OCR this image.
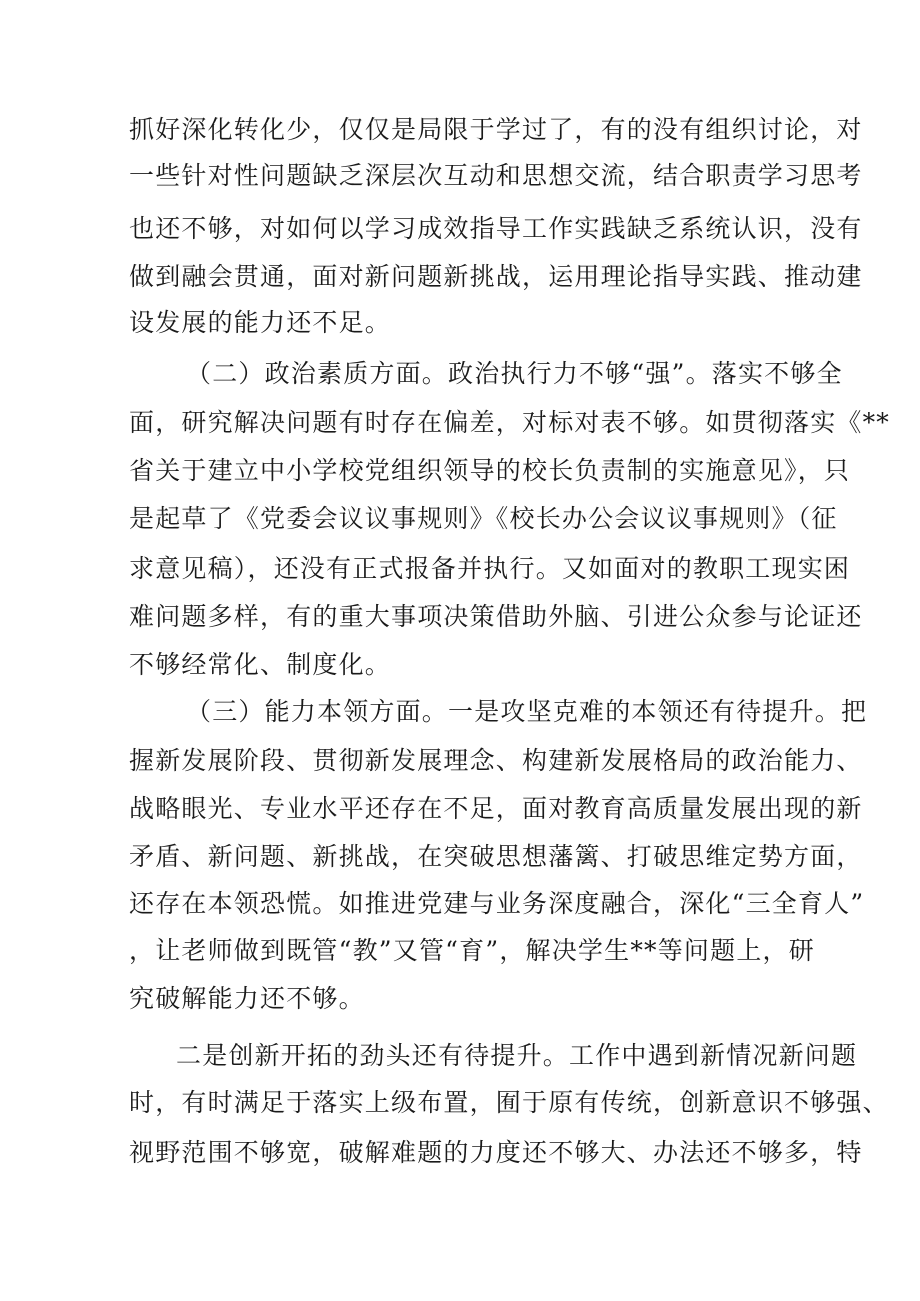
抓好深化转化少，仅仅是局限于学过了，有的没有组织讨论，对
一些针对性问题缺乏深层次互动和思想交流，结合职责学习思考
也还不够，对如何以学习成效指导工作实践缺乏系统认识，没有
做到融会贯通，面对新问题新挑战，运用理论指导实践、推动建
设发展的能力还不足。
（二）政治素质方面。政治执行力不够“强”。落实不够全
面，研究解决问题有时存在偏差，对标对表不够。如贯彻落实《**
省关于建立中小学校党组织领导的校长负责制的实施意见》，只
是起草了《党委会议议事规则》《校长办公会议议事规则》（征
求意见稿），还没有正式报备并执行。又如面对的教职工现实困
难问题多样，有的重大事项决策借助外脑、引进公众参与论证还
不够经常化、制度化。
（三）能力本领方面。一是攻坚克难的本领还有待提升。把
握新发展阶段、贯彻新发展理念、构建新发展格局的政治能力、
战略眼光、专业水平还存在不足，面对教育高质量发展出现的新
矛盾、新问题、新挑战，在突破思想藩篱、打破思维定势方面，
还存在本领恐慌。如推进党建与业务深度融合，深化“三全育人”
，让老师做到既管“教”又管“育”，解决学生**等问题上，研
究破解能力还不够。
二是创新开拓的劲头还有待提升。工作中遇到新情况新问题
时，有时满足于落实上级布置，囿于原有传统，创新意识不够强、
视野范围不够宽，破解难题的力度还不够大、办法还不够多，特
